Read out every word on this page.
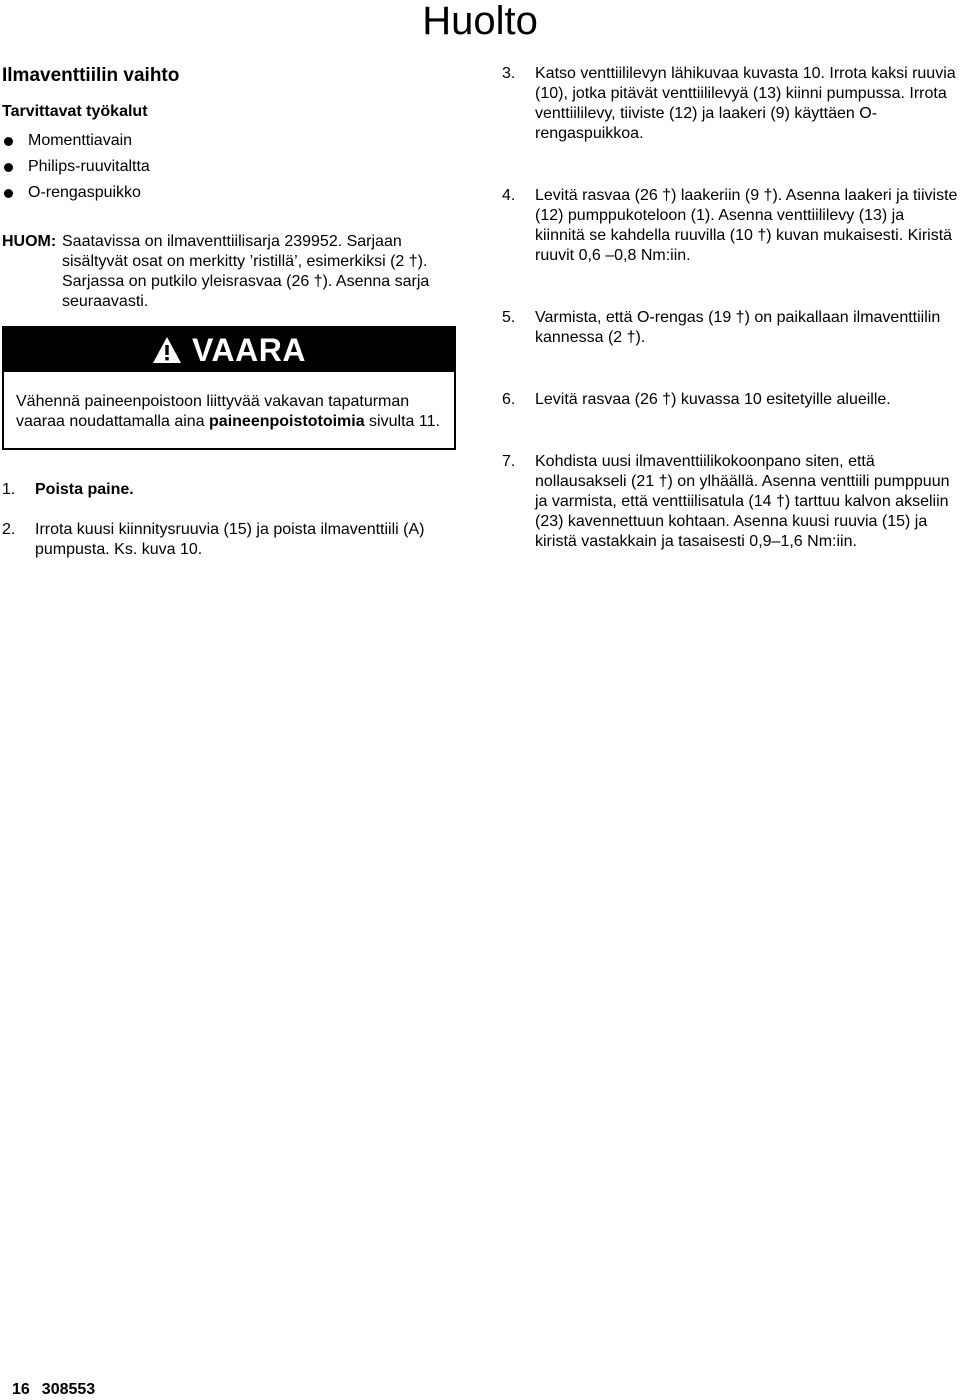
Huolto
Ilmaventtiilin vaihto
Tarvittavat työkalut
Momenttiavain
Philips-ruuvitaltta
O-rengaspuikko
HUOM: Saatavissa on ilmaventtiilisarja 239952. Sarjaan sisältyvät osat on merkitty ’ristillä’, esimerkiksi (2 †). Sarjassa on putkilo yleisrasvaa (26 †). Asenna sarja seuraavasti.
VAARA
Vähennä paineenpoistoon liittyvää vakavan tapaturman vaaraa noudattamalla aina paineenpoistotoimia sivulta 11.
1. Poista paine.
2. Irrota kuusi kiinnitysruuvia (15) ja poista ilmaventtiili (A) pumpusta. Ks. kuva 10.
3. Katso venttiililevyn lähikuvaa kuvasta 10. Irrota kaksi ruuvia (10), jotka pitävät venttiililevyä (13) kiinni pumpussa. Irrota venttiililevy, tiiviste (12) ja laakeri (9) käyttäen O-rengaspuikkoa.
4. Levitä rasvaa (26 †) laakeriin (9 †). Asenna laakeri ja tiiviste (12) pumppukoteloon (1). Asenna venttiililevy (13) ja kiinnitä se kahdella ruuvilla (10 †) kuvan mukaisesti. Kiristä ruuvit 0,6 –0,8 Nm:iin.
5. Varmista, että O-rengas (19 †) on paikallaan ilmaventtiilin kannessa (2 †).
6. Levitä rasvaa (26 †) kuvassa 10 esitetyille alueille.
7. Kohdista uusi ilmaventtiilikokoonpano siten, että nollausakseli (21 †) on ylhäällä. Asenna venttiili pumppuun ja varmista, että venttiilisatula (14 †) tarttuu kalvon akseliin (23) kavennettuun kohtaan. Asenna kuusi ruuvia (15) ja kiristä vastakkain ja tasaisesti 0,9–1,6 Nm:iin.
16 308553
